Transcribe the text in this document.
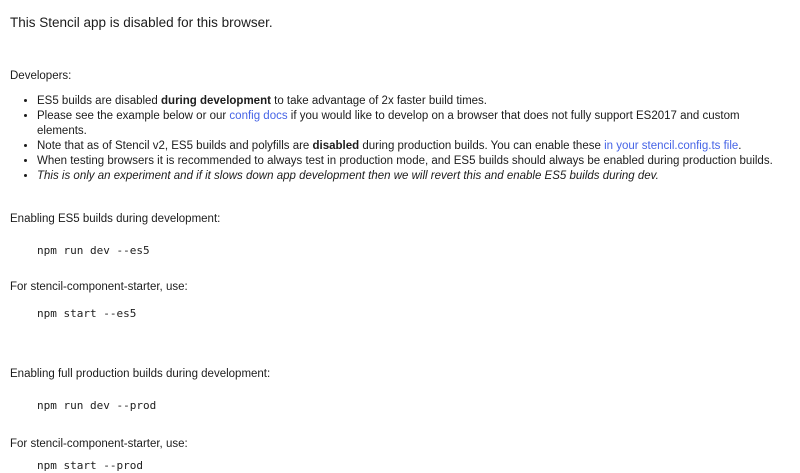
This Stencil app is disabled for this browser.
Developers:
• ES5 builds are disabled during development to take advantage of 2x faster build times.
• Please see the example below or our config docs if you would like to develop on a browser that does not fully support ES2017 and custom elements.
• Note that as of Stencil v2, ES5 builds and polyfills are disabled during production builds. You can enable these in your stencil.config.ts file.
• When testing browsers it is recommended to always test in production mode, and ES5 builds should always be enabled during production builds.
• This is only an experiment and if it slows down app development then we will revert this and enable ES5 builds during dev.

Enabling ES5 builds during development:

npm run dev --es5

For stencil-component-starter, use:

npm start --es5

Enabling full production builds during development:

npm run dev --prod

For stencil-component-starter, use:

npm start --prod
